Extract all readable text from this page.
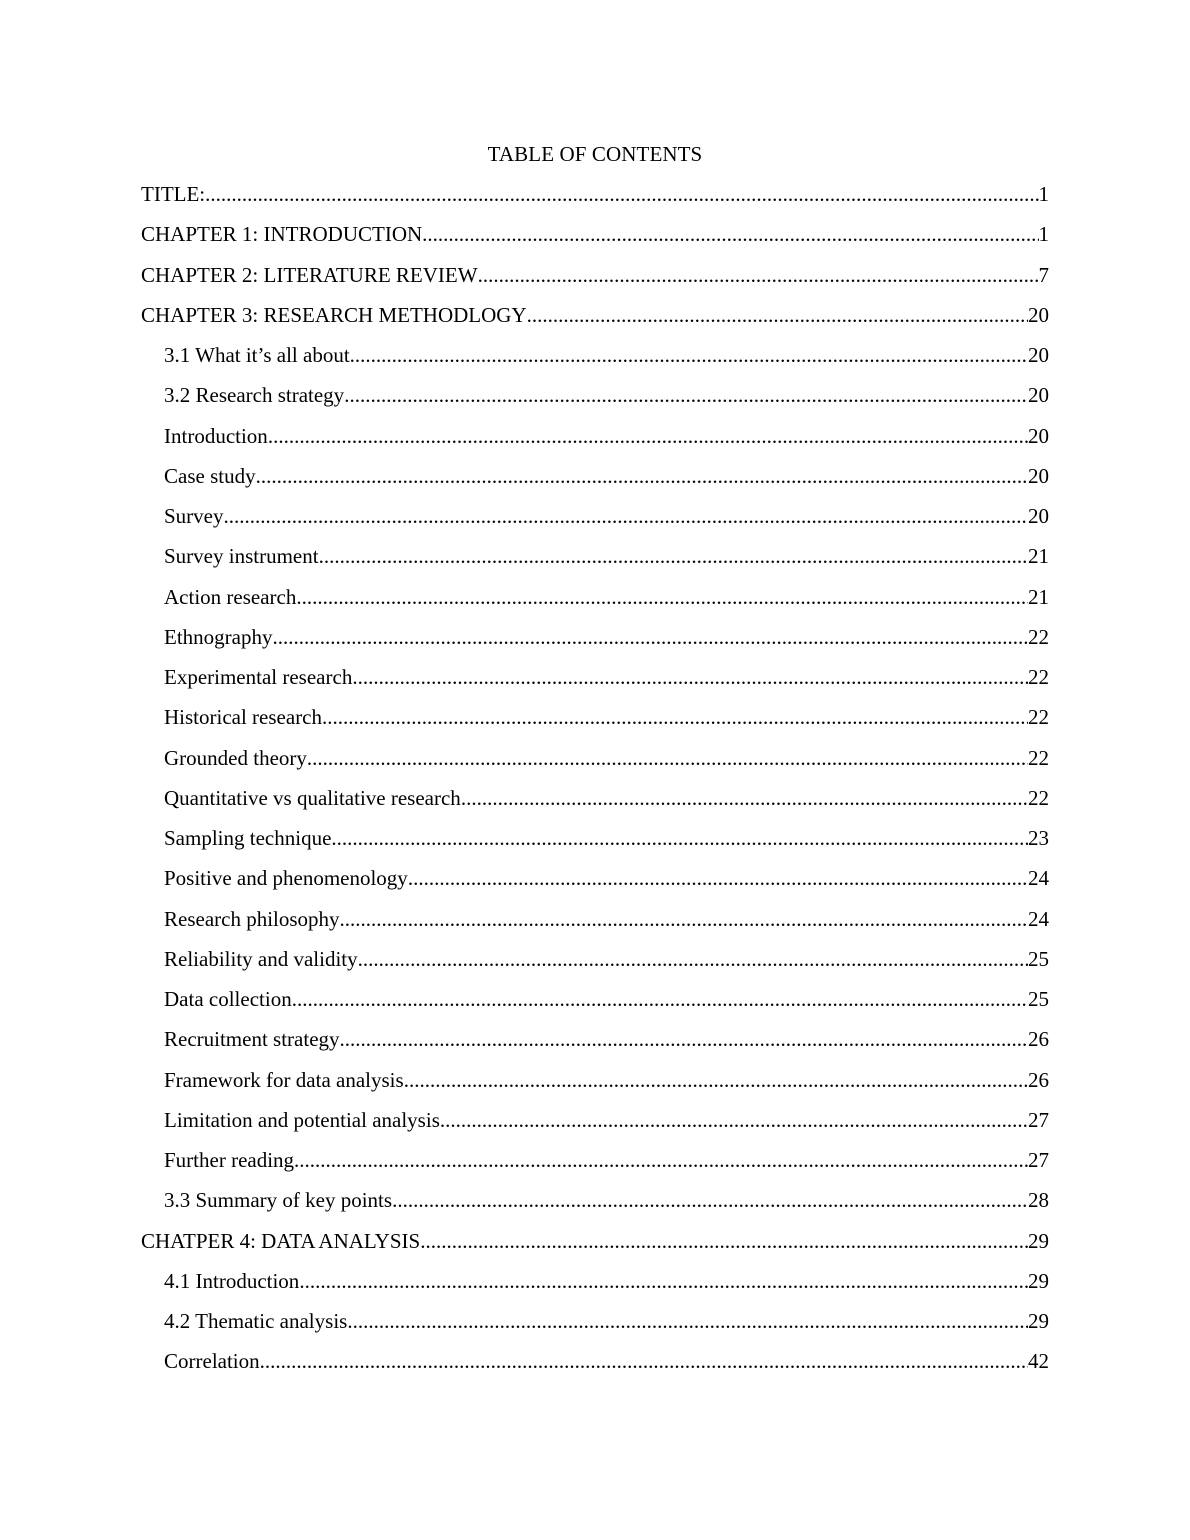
TABLE OF CONTENTS
TITLE: .....	1
CHAPTER 1: INTRODUCTION .....	1
CHAPTER 2: LITERATURE REVIEW .....	7
CHAPTER 3: RESEARCH METHODLOGY .....	20
3.1 What it’s all about .....	20
3.2 Research strategy .....	20
Introduction .....	20
Case study .....	20
Survey .....	20
Survey instrument .....	21
Action research .....	21
Ethnography .....	22
Experimental research .....	22
Historical research .....	22
Grounded theory .....	22
Quantitative vs qualitative research .....	22
Sampling technique .....	23
Positive and phenomenology .....	24
Research philosophy .....	24
Reliability and validity .....	25
Data collection .....	25
Recruitment strategy .....	26
Framework for data analysis .....	26
Limitation and potential analysis .....	27
Further reading .....	27
3.3 Summary of key points .....	28
CHATPER 4: DATA ANALYSIS .....	29
4.1 Introduction .....	29
4.2 Thematic analysis .....	29
Correlation .....	42
